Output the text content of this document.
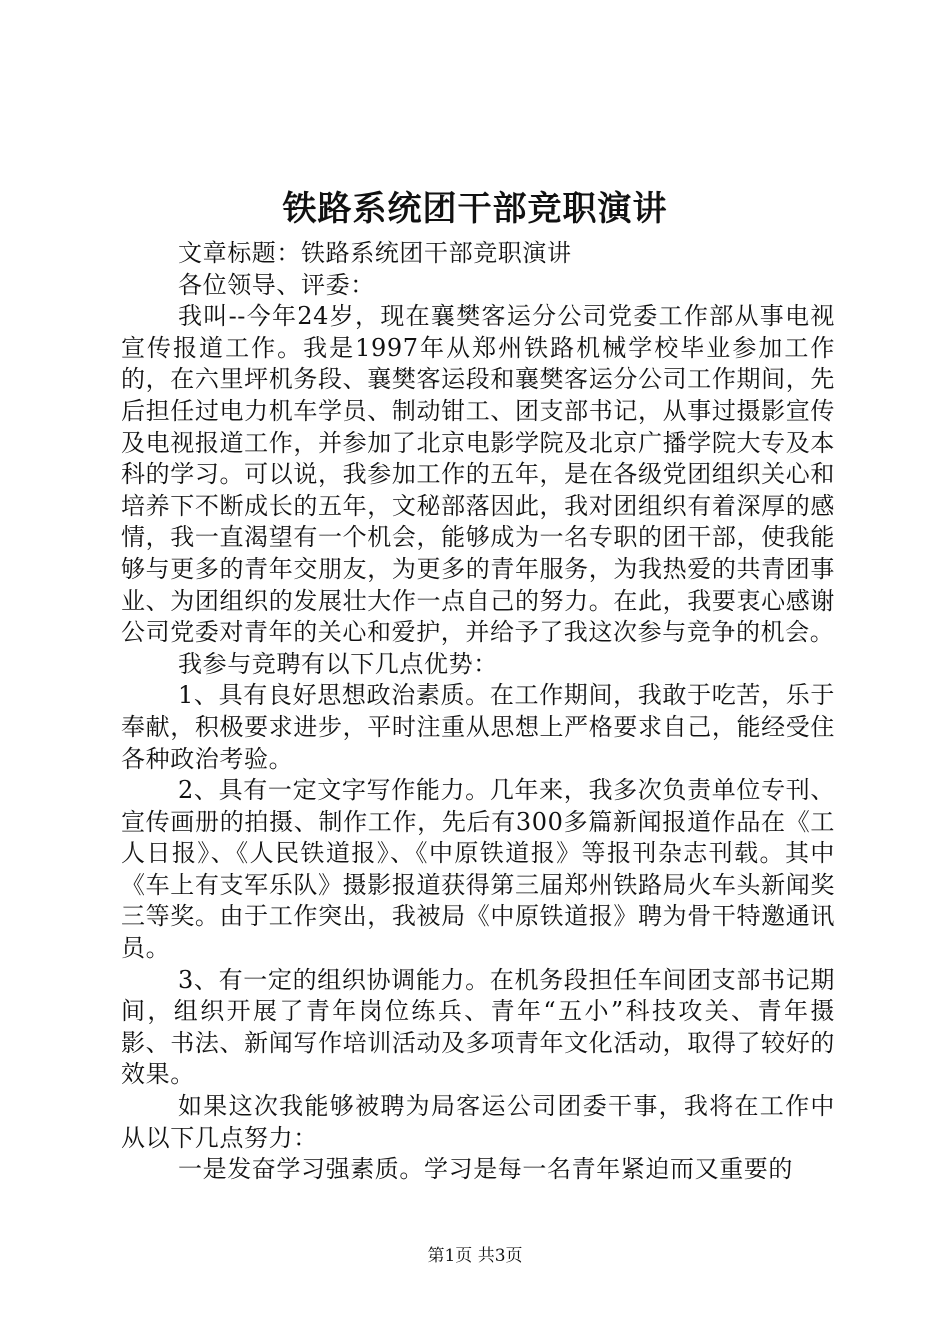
铁路系统团干部竞职演讲

文章标题：铁路系统团干部竞职演讲

各位领导、评委：

我叫--今年24岁，现在襄樊客运分公司党委工作部从事电视宣传报道工作。我是1997年从郑州铁路机械学校毕业参加工作的，在六里坪机务段、襄樊客运段和襄樊客运分公司工作期间，先后担任过电力机车学员、制动钳工、团支部书记，从事过摄影宣传及电视报道工作，并参加了北京电影学院及北京广播学院大专及本科的学习。可以说，我参加工作的五年，是在各级党团组织关心和培养下不断成长的五年，文秘部落因此，我对团组织有着深厚的感情，我一直渴望有一个机会，能够成为一名专职的团干部，使我能够与更多的青年交朋友，为更多的青年服务，为我热爱的共青团事业、为团组织的发展壮大作一点自己的努力。在此，我要衷心感谢公司党委对青年的关心和爱护，并给予了我这次参与竞争的机会。

我参与竞聘有以下几点优势：

1、具有良好思想政治素质。在工作期间，我敢于吃苦，乐于奉献，积极要求进步，平时注重从思想上严格要求自己，能经受住各种政治考验。

2、具有一定文字写作能力。几年来，我多次负责单位专刊、宣传画册的拍摄、制作工作，先后有300多篇新闻报道作品在《工人日报》、《人民铁道报》、《中原铁道报》等报刊杂志刊载。其中《车上有支军乐队》摄影报道获得第三届郑州铁路局火车头新闻奖三等奖。由于工作突出，我被局《中原铁道报》聘为骨干特邀通讯员。

3、有一定的组织协调能力。在机务段担任车间团支部书记期间，组织开展了青年岗位练兵、青年“五小”科技攻关、青年摄影、书法、新闻写作培训活动及多项青年文化活动，取得了较好的效果。

如果这次我能够被聘为局客运公司团委干事，我将在工作中从以下几点努力：

一是发奋学习强素质。学习是每一名青年紧迫而又重要的

第1页 共3页
